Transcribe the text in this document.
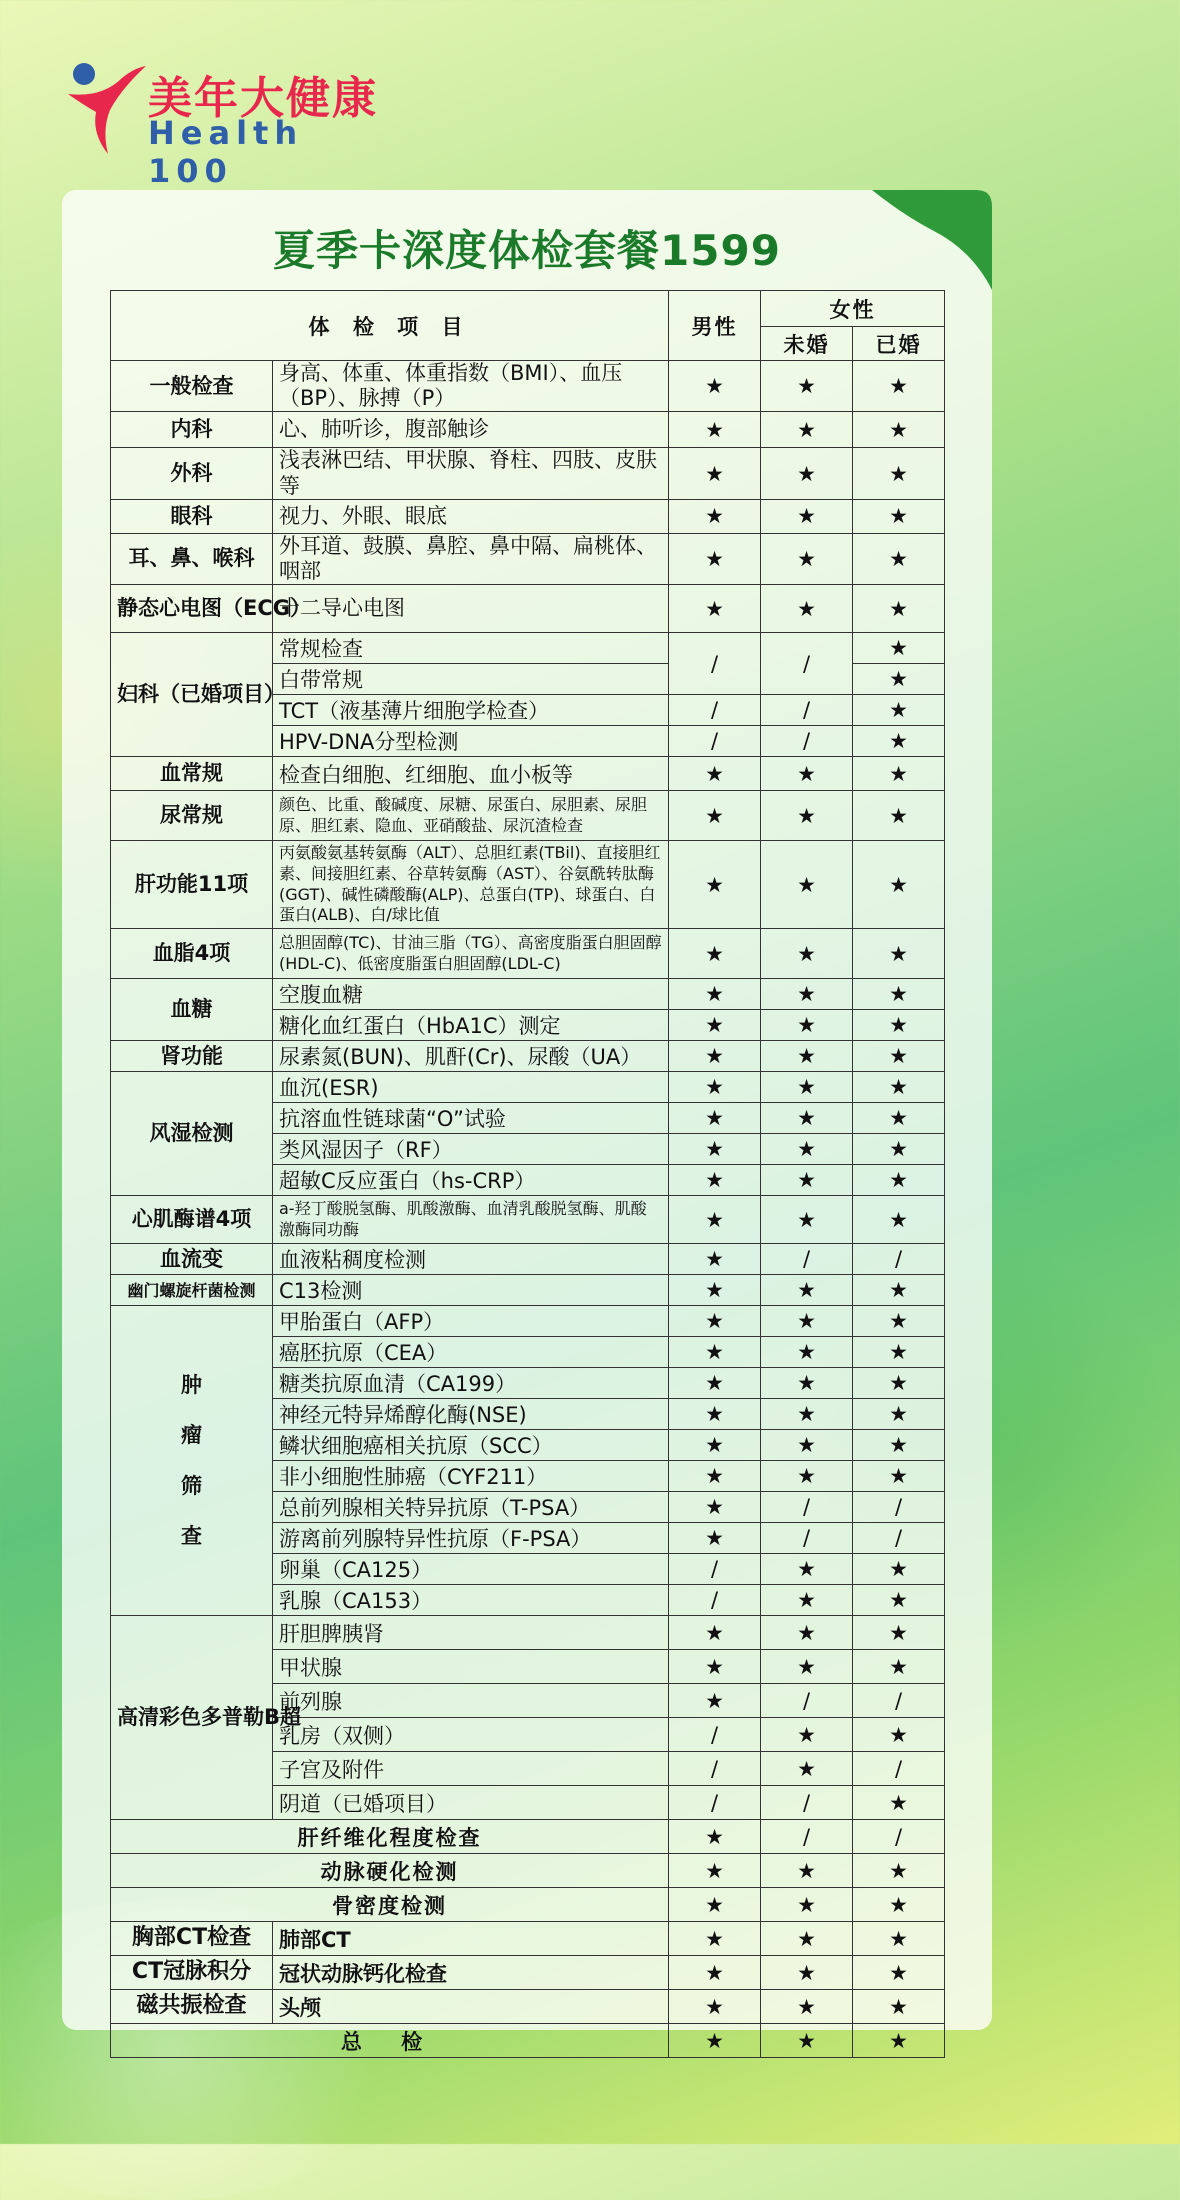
美年大健康
Health 100
夏季卡深度体检套餐1599
体 检 项 目		男性	女性	
			未婚	已婚
一般检查	身高、体重、体重指数（BMI）、血压（BP）、脉搏（P）	★	★	★
内科	心、肺听诊，腹部触诊	★	★	★
外科	浅表淋巴结、甲状腺、脊柱、四肢、皮肤等	★	★	★
眼科	视力、外眼、眼底	★	★	★
耳、鼻、喉科	外耳道、鼓膜、鼻腔、鼻中隔、扁桃体、咽部	★	★	★
静态心电图（ECG）	十二导心电图	★	★	★
妇科（已婚项目）	常规检查	/	/	★
	白带常规			★
	TCT（液基薄片细胞学检查）	/	/	★
	HPV-DNA分型检测	/	/	★
血常规	检查白细胞、红细胞、血小板等	★	★	★
尿常规	颜色、比重、酸碱度、尿糖、尿蛋白、尿胆素、尿胆原、胆红素、隐血、亚硝酸盐、尿沉渣检查	★	★	★
肝功能11项	丙氨酸氨基转氨酶（ALT）、总胆红素(TBil)、直接胆红素、间接胆红素、谷草转氨酶（AST）、谷氨酰转肽酶(GGT)、碱性磷酸酶(ALP)、总蛋白(TP)、球蛋白、白蛋白(ALB)、白/球比值	★	★	★
血脂4项	总胆固醇(TC)、甘油三脂（TG）、高密度脂蛋白胆固醇(HDL-C)、低密度脂蛋白胆固醇(LDL-C)	★	★	★
血糖	空腹血糖	★	★	★
	糖化血红蛋白（HbA1C）测定	★	★	★
肾功能	尿素氮(BUN)、肌酐(Cr)、尿酸（UA）	★	★	★
风湿检测	血沉(ESR)	★	★	★
	抗溶血性链球菌“O”试验	★	★	★
	类风湿因子（RF）	★	★	★
	超敏C反应蛋白（hs-CRP）	★	★	★
心肌酶谱4项	a-羟丁酸脱氢酶、肌酸激酶、血清乳酸脱氢酶、肌酸激酶同功酶	★	★	★
血流变	血液粘稠度检测	★	/	/
幽门螺旋杆菌检测	C13检测	★	★	★
肿瘤筛查	甲胎蛋白（AFP）	★	★	★
	癌胚抗原（CEA）	★	★	★
	糖类抗原血清（CA199）	★	★	★
	神经元特异烯醇化酶(NSE)	★	★	★
	鳞状细胞癌相关抗原（SCC）	★	★	★
	非小细胞性肺癌（CYF211）	★	★	★
	总前列腺相关特异抗原（T-PSA）	★	/	/
	游离前列腺特异性抗原（F-PSA）	★	/	/
	卵巢（CA125）	/	★	★
	乳腺（CA153）	/	★	★
高清彩色多普勒B超	肝胆脾胰肾	★	★	★
	甲状腺	★	★	★
	前列腺	★	/	/
	乳房（双侧）	/	★	★
	子宫及附件	/	★	/
	阴道（已婚项目）	/	/	★
肝纤维化程度检查		★	/	/
动脉硬化检测		★	★	★
骨密度检测		★	★	★
胸部CT检查	肺部CT	★	★	★
CT冠脉积分	冠状动脉钙化检查	★	★	★
磁共振检查	头颅	★	★	★
总 检		★	★	★
